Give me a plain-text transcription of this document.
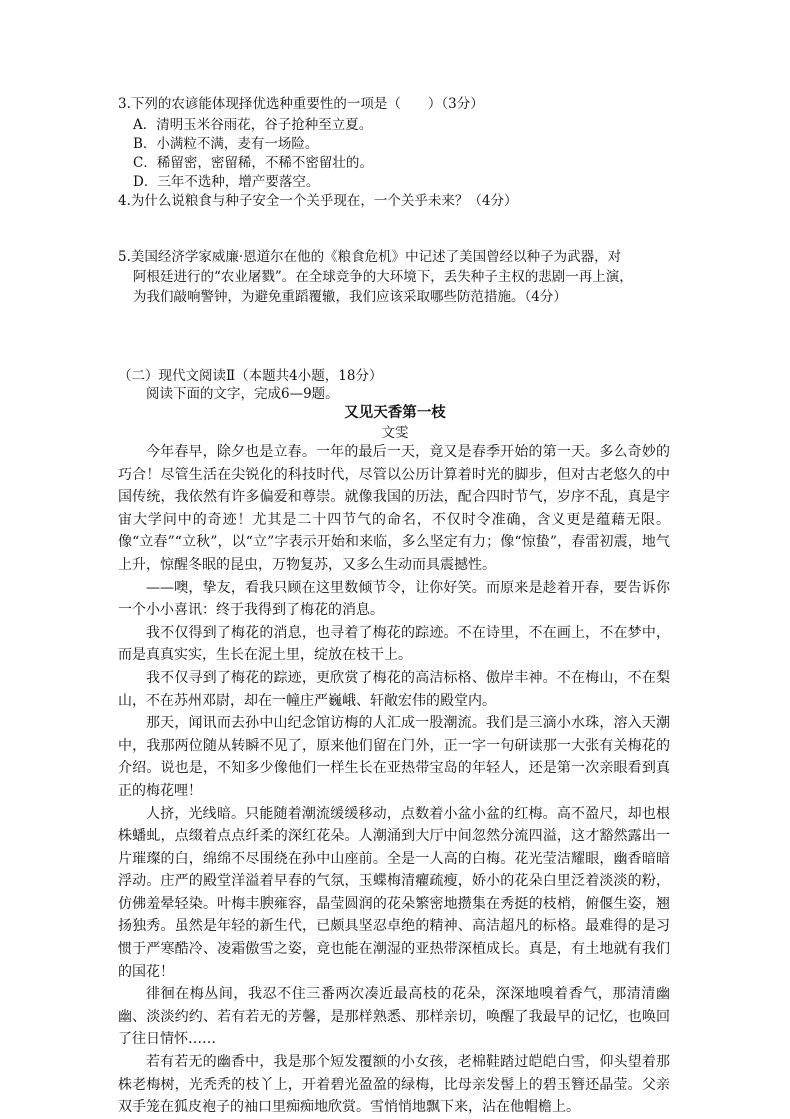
3.下列的农谚能体现择优选种重要性的一项是（　　）（3分）
A．清明玉米谷雨花，谷子抢种至立夏。
B．小满粒不满，麦有一场险。
C．稀留密，密留稀，不稀不密留壮的。
D．三年不选种，增产要落空。
4.为什么说粮食与种子安全一个关乎现在，一个关乎未来？（4分）
5.美国经济学家威廉·恩道尔在他的《粮食危机》中记述了美国曾经以种子为武器，对
阿根廷进行的“农业屠戮”。在全球竞争的大环境下，丢失种子主权的悲剧一再上演，
为我们敲响警钟，为避免重蹈覆辙，我们应该采取哪些防范措施。（4分）
（二）现代文阅读Ⅱ（本题共4小题，18分）
阅读下面的文字，完成6—9题。
又见天香第一枝
文雯

今年春早，除夕也是立春。一年的最后一天，竟又是春季开始的第一天。多么奇妙的巧合！尽管生活在尖锐化的科技时代，尽管以公历计算着时光的脚步，但对古老悠久的中国传统，我依然有许多偏爱和尊崇。就像我国的历法，配合四时节气，岁序不乱，真是宇宙大学问中的奇迹！尤其是二十四节气的命名，不仅时令准确，含义更是蕴藉无限。像“立春”“立秋”，以“立”字表示开始和来临，多么坚定有力；像“惊蛰”，春雷初震，地气上升，惊醒冬眠的昆虫，万物复苏，又多么生动而具震撼性。

——噢，挚友，看我只顾在这里数倾节令，让你好笑。而原来是趁着开春，要告诉你一个小小喜讯：终于我得到了梅花的消息。

我不仅得到了梅花的消息，也寻着了梅花的踪迹。不在诗里，不在画上，不在梦中，而是真真实实，生长在泥土里，绽放在枝干上。

我不仅寻到了梅花的踪迹，更欣赏了梅花的高洁标格、傲岸丰神。不在梅山，不在梨山，不在苏州邓尉，却在一幢庄严巍峨、轩敞宏伟的殿堂内。

那天，闻讯而去孙中山纪念馆访梅的人汇成一股潮流。我们是三滴小水珠，溶入天潮中，我那两位随从转瞬不见了，原来他们留在门外，正一字一句研读那一大张有关梅花的介绍。说也是，不知多少像他们一样生长在亚热带宝岛的年轻人，还是第一次亲眼看到真正的梅花哩！

人挤，光线暗。只能随着潮流缓缓移动，点数着小盆小盆的红梅。高不盈尺，却也根株蟠虬，点缀着点点纤柔的深红花朵。人潮涌到大厅中间忽然分流四溢，这才豁然露出一片璀璨的白，绵绵不尽围绕在孙中山座前。全是一人高的白梅。花光莹洁耀眼，幽香暗暗浮动。庄严的殿堂洋溢着早春的气氛，玉蝶梅清癯疏瘦，娇小的花朵白里泛着淡淡的粉，仿佛羞晕轻染。叶梅丰腴雍容，晶莹圆润的花朵繁密地攒集在秀挺的枝梢，俯偃生姿，翘扬独秀。虽然是年轻的新生代，已颇具坚忍卓绝的精神、高洁超凡的标格。最难得的是习惯于严寒酷冷、凌霜傲雪之姿，竟也能在潮湿的亚热带深植成长。真是，有土地就有我们的国花！

徘徊在梅丛间，我忍不住三番两次凑近最高枝的花朵，深深地嗅着香气，那清清幽幽、淡淡约约、若有若无的芳馨，是那样熟悉、那样亲切，唤醒了我最早的记忆，也唤回了往日情怀……

若有若无的幽香中，我是那个短发覆额的小女孩，老棉鞋踏过皑皑白雪，仰头望着那株老梅树，光秃秃的枝丫上，开着碧光盈盈的绿梅，比母亲发髻上的碧玉簪还晶莹。父亲双手笼在狐皮袍子的袖口里痴痴地欣赏。雪悄悄地飘下来，沾在他帽檐上。
